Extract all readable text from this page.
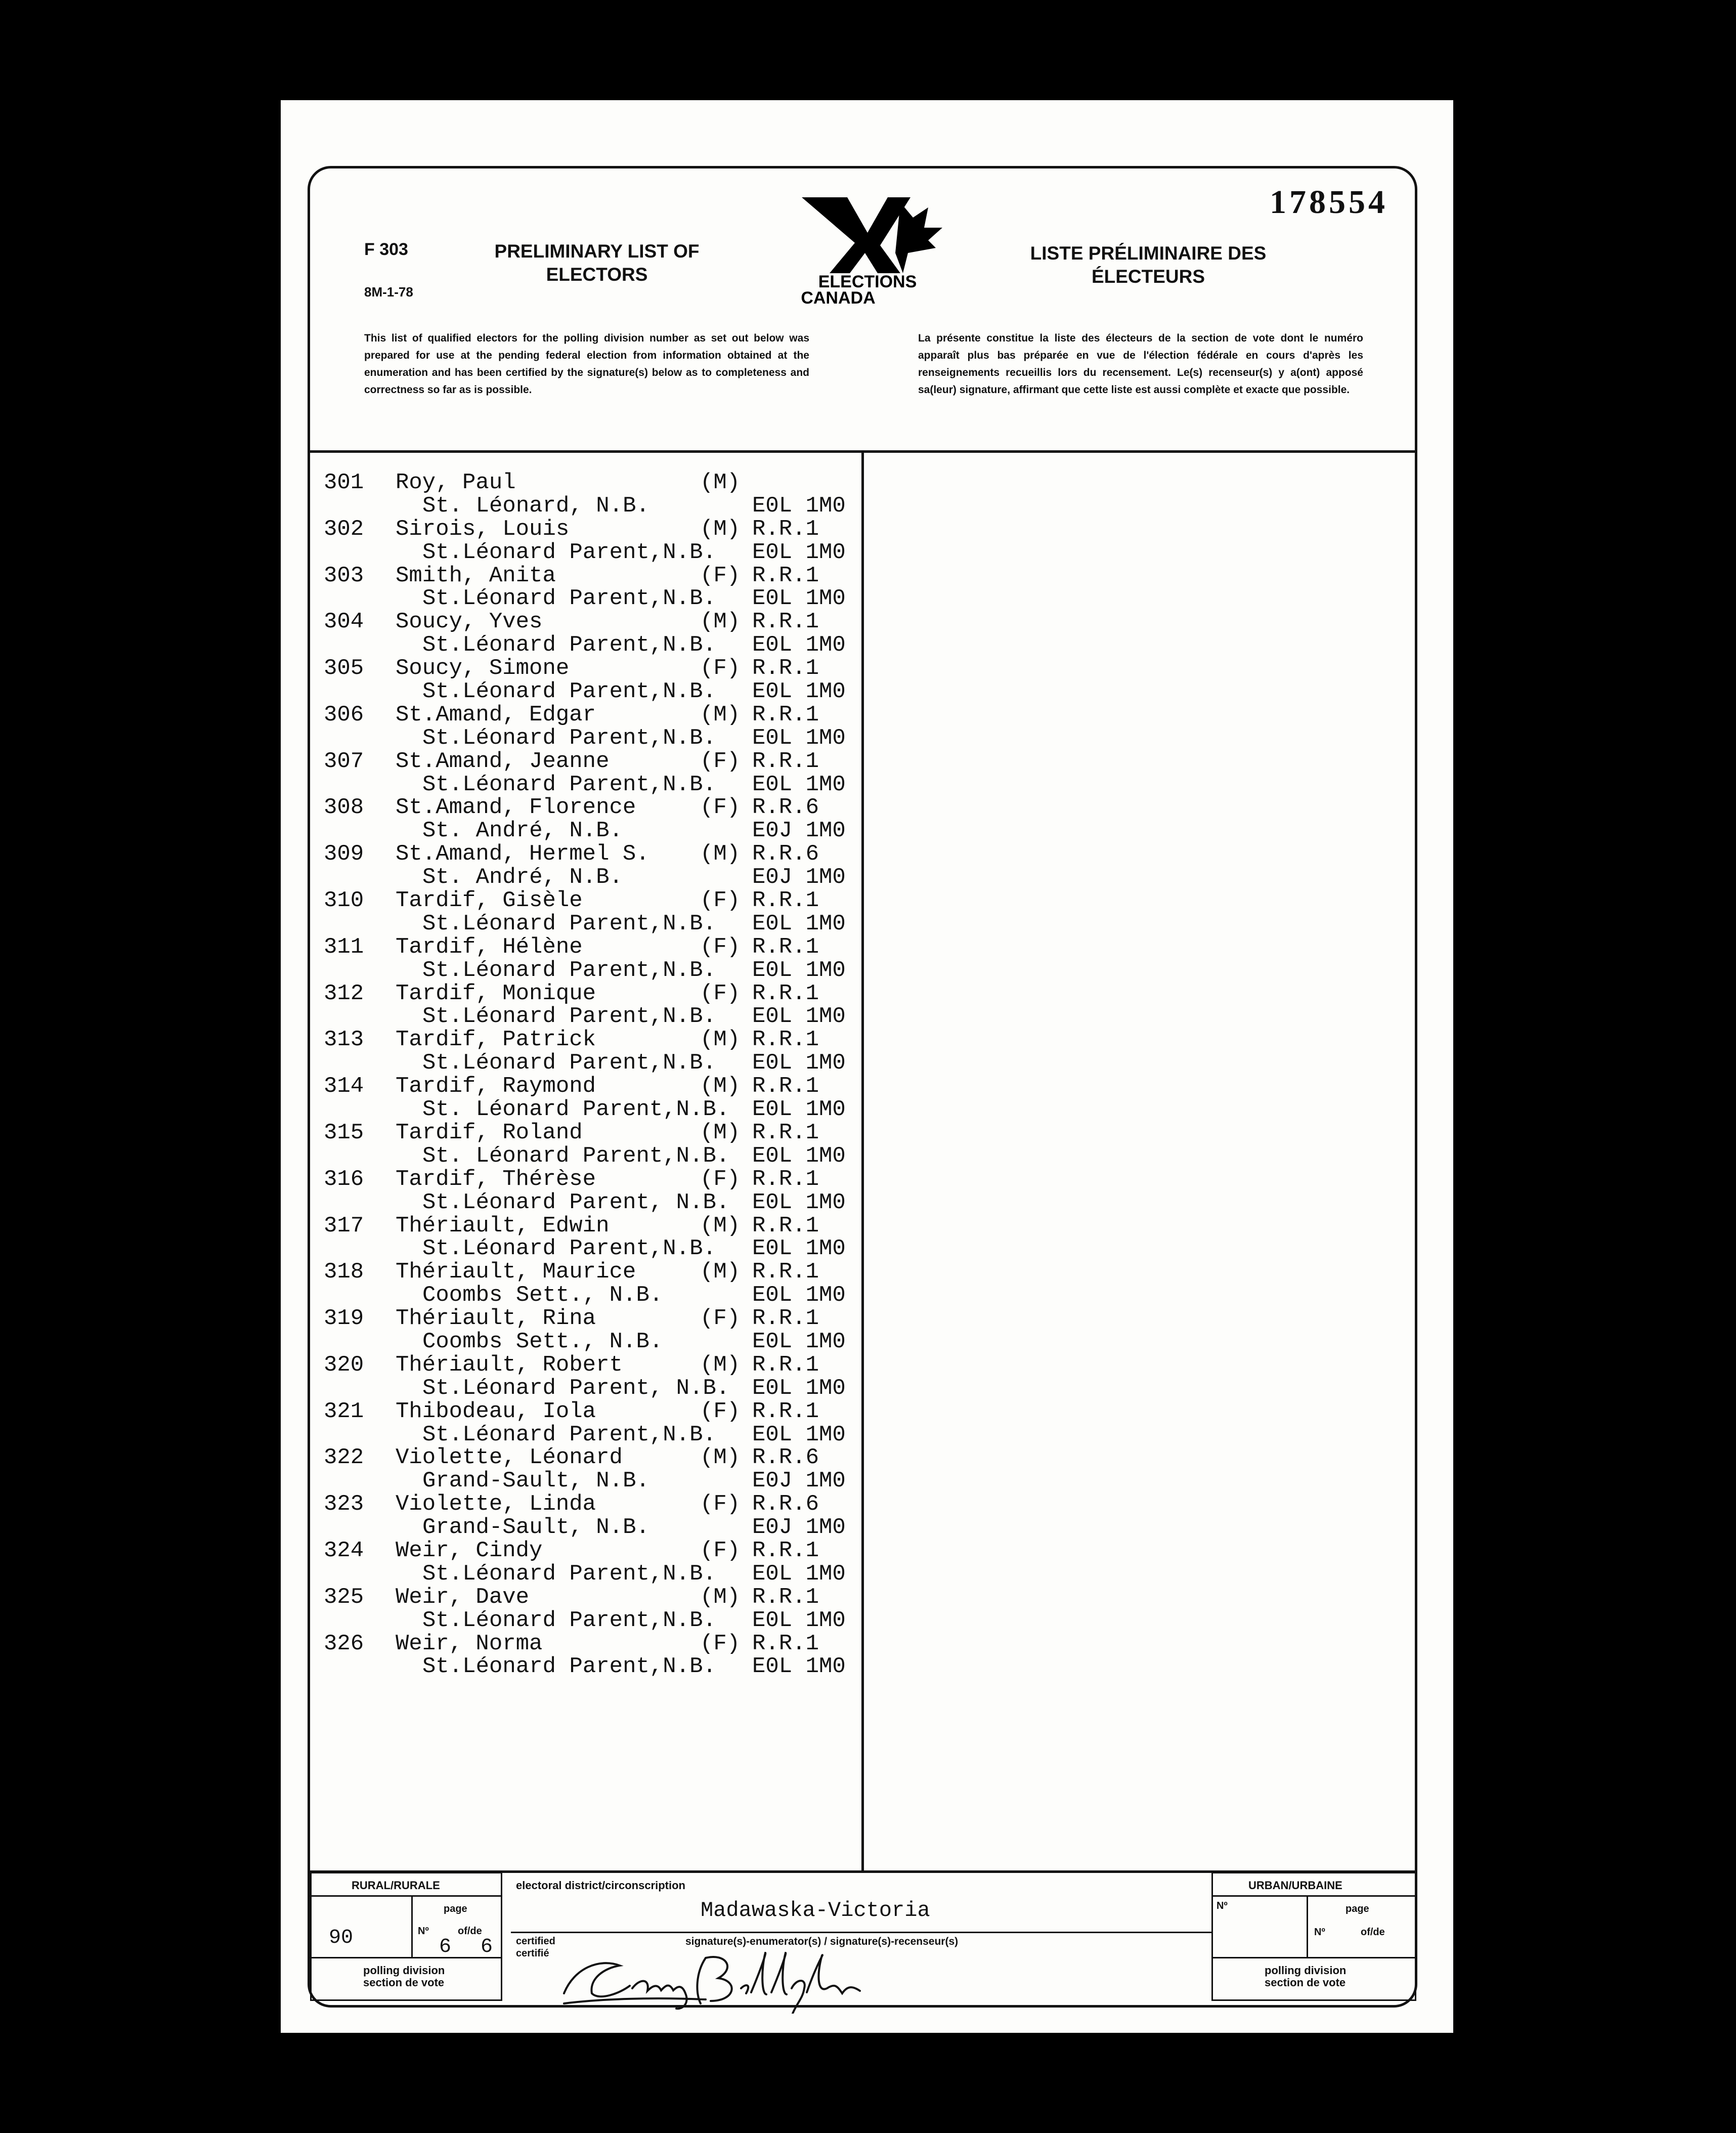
178554
F 303
8M-1-78
PRELIMINARY LIST OF
ELECTORS	ELECTIONS
CANADA
LISTE PRÉLIMINAIRE DES
ÉLECTEURS
This list of qualified electors for the polling division number as set out below was prepared for use at the pending federal election from information obtained at the enumeration and has been certified by the signature(s) below as to completeness and correctness so far as is possible.
La présente constitue la liste des électeurs de la section de vote dont le numéro apparaît plus bas préparée en vue de l'élection fédérale en cours d'après les renseignements recueillis lors du recensement. Le(s) recenseur(s) y a(ont) apposé sa(leur) signature, affirmant que cette liste est aussi complète et exacte que possible.
301 Roy, Paul	(M)
St. Léonard, N.B.	E0L 1M0
302 Sirois, Louis	(M) R.R.1
St.Léonard Parent,N.B. E0L 1M0
303 Smith, Anita	(F) R.R.1
St.Léonard Parent,N.B. E0L 1M0
304 Soucy, Yves	(M) R.R.1
St.Léonard Parent,N.B. E0L 1M0
305 Soucy, Simone	(F) R.R.1
St.Léonard Parent,N.B. E0L 1M0
306 St.Amand, Edgar	(M) R.R.1
St.Léonard Parent,N.B. E0L 1M0
307 St.Amand, Jeanne	(F) R.R.1
St.Léonard Parent,N.B. E0L 1M0
308 St.Amand, Florence	(F) R.R.6
St. André, N.B.	E0J 1M0
309 St.Amand, Hermel S. (M) R.R.6
St. André, N.B.	E0J 1M0
310 Tardif, Gisèle	(F) R.R.1
St.Léonard Parent,N.B. E0L 1M0
311 Tardif, Hélène	(F) R.R.1
St.Léonard Parent,N.B. E0L 1M0
312 Tardif, Monique	(F) R.R.1
St.Léonard Parent,N.B. E0L 1M0
313 Tardif, Patrick	(M) R.R.1
St.Léonard Parent,N.B. E0L 1M0
314 Tardif, Raymond	(M) R.R.1
St. Léonard Parent,N.B. E0L 1M0
315 Tardif, Roland	(M) R.R.1
St. Léonard Parent,N.B. E0L 1M0
316 Tardif, Thérèse	(F) R.R.1
St.Léonard Parent, N.B. E0L 1M0
317 Thériault, Edwin	(M) R.R.1
St.Léonard Parent,N.B. E0L 1M0
318 Thériault, Maurice	(M) R.R.1
Coombs Sett., N.B.	E0L 1M0
319 Thériault, Rina	(F) R.R.1
Coombs Sett., N.B.	E0L 1M0
320 Thériault, Robert	(M) R.R.1
St.Léonard Parent, N.B. E0L 1M0
321 Thibodeau, Iola	(F) R.R.1
St.Léonard Parent,N.B. E0L 1M0
322 Violette, Léonard	(M) R.R.6
Grand-Sault, N.B.	E0J 1M0
323 Violette, Linda	(F) R.R.6
Grand-Sault, N.B.	E0J 1M0
324 Weir, Cindy	(F) R.R.1
St.Léonard Parent,N.B. E0L 1M0
325 Weir, Dave	(M) R.R.1
St.Léonard Parent,N.B. E0L 1M0
326 Weir, Norma	(F) R.R.1
St.Léonard Parent,N.B. E0L 1M0
RURAL/RURALE
page
Nº	of/de
90	6 6
polling division
section de vote
electoral district/circonscription
Madawaska-Victoria
certified
certifié
signature(s)-enumerator(s) / signature(s)-recenseur(s)
URBAN/URBAINE
Nº	page
Nº	of/de
polling division
section de vote
